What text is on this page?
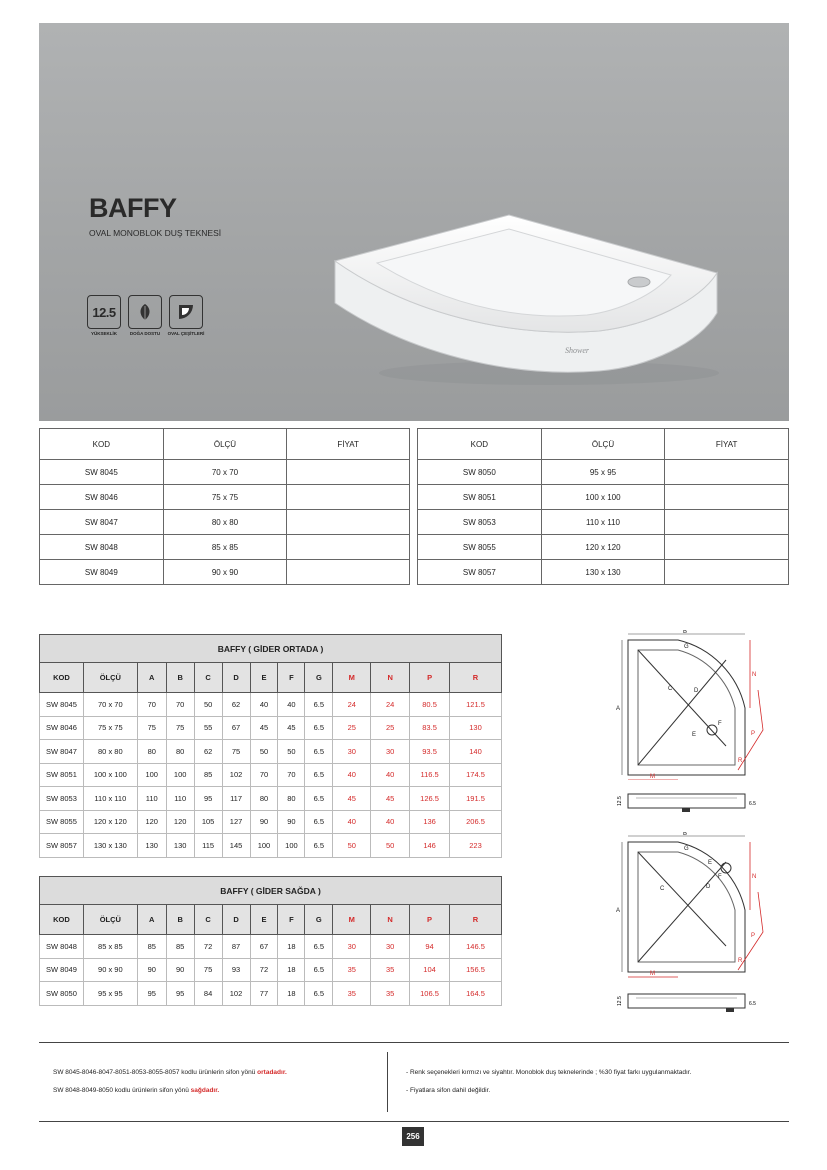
BAFFY
OVAL MONOBLOK DUŞ TEKNESİ
12.5
YÜKSEKLİK	DOĞA DOSTU	OVAL ÇEŞİTLERİ
Shower
KOD	ÖLÇÜ	FİYAT
SW 8045	70 x 70	
SW 8046	75 x 75	
SW 8047	80 x 80	
SW 8048	85 x 85	
SW 8049	90 x 90	
KOD	ÖLÇÜ	FİYAT
SW 8050	95 x 95	
SW 8051	100 x 100	
SW 8053	110 x 110	
SW 8055	120 x 120	
SW 8057	130 x 130	
BAFFY ( GİDER ORTADA )												
KOD	ÖLÇÜ	A	B	C	D	E	F	G	M	N	P	R
SW 8045	70 x 70	70	70	50	62	40	40	6.5	24	24	80.5	121.5
SW 8046	75 x 75	75	75	55	67	45	45	6.5	25	25	83.5	130
SW 8047	80 x 80	80	80	62	75	50	50	6.5	30	30	93.5	140
SW 8051	100 x 100	100	100	85	102	70	70	6.5	40	40	116.5	174.5
SW 8053	110 x 110	110	110	95	117	80	80	6.5	45	45	126.5	191.5
SW 8055	120 x 120	120	120	105	127	90	90	6.5	40	40	136	206.5
SW 8057	130 x 130	130	130	115	145	100	100	6.5	50	50	146	223
BAFFY ( GİDER SAĞDA )												
KOD	ÖLÇÜ	A	B	C	D	E	F	G	M	N	P	R
SW 8048	85 x 85	85	85	72	87	67	18	6.5	30	30	94	146.5
SW 8049	90 x 90	90	90	75	93	72	18	6.5	35	35	104	156.5
SW 8050	95 x 95	95	95	84	102	77	18	6.5	35	35	106.5	164.5
B
A
C	D
E
F
G
M
N
P
R
12.5	6.5
B
A
C	D
E
F
G
M
N
P
R
12.5	6.5
SW 8045-8046-8047-8051-8053-8055-8057 kodlu ürünlerin sifon yönü ortadadır.
SW 8048-8049-8050 kodlu ürünlerin sifon yönü sağdadır.
- Renk seçenekleri kırmızı ve siyahtır. Monoblok duş teknelerinde ; %30 fiyat farkı uygulanmaktadır.
- Fiyatlara sifon dahil değildir.
256
